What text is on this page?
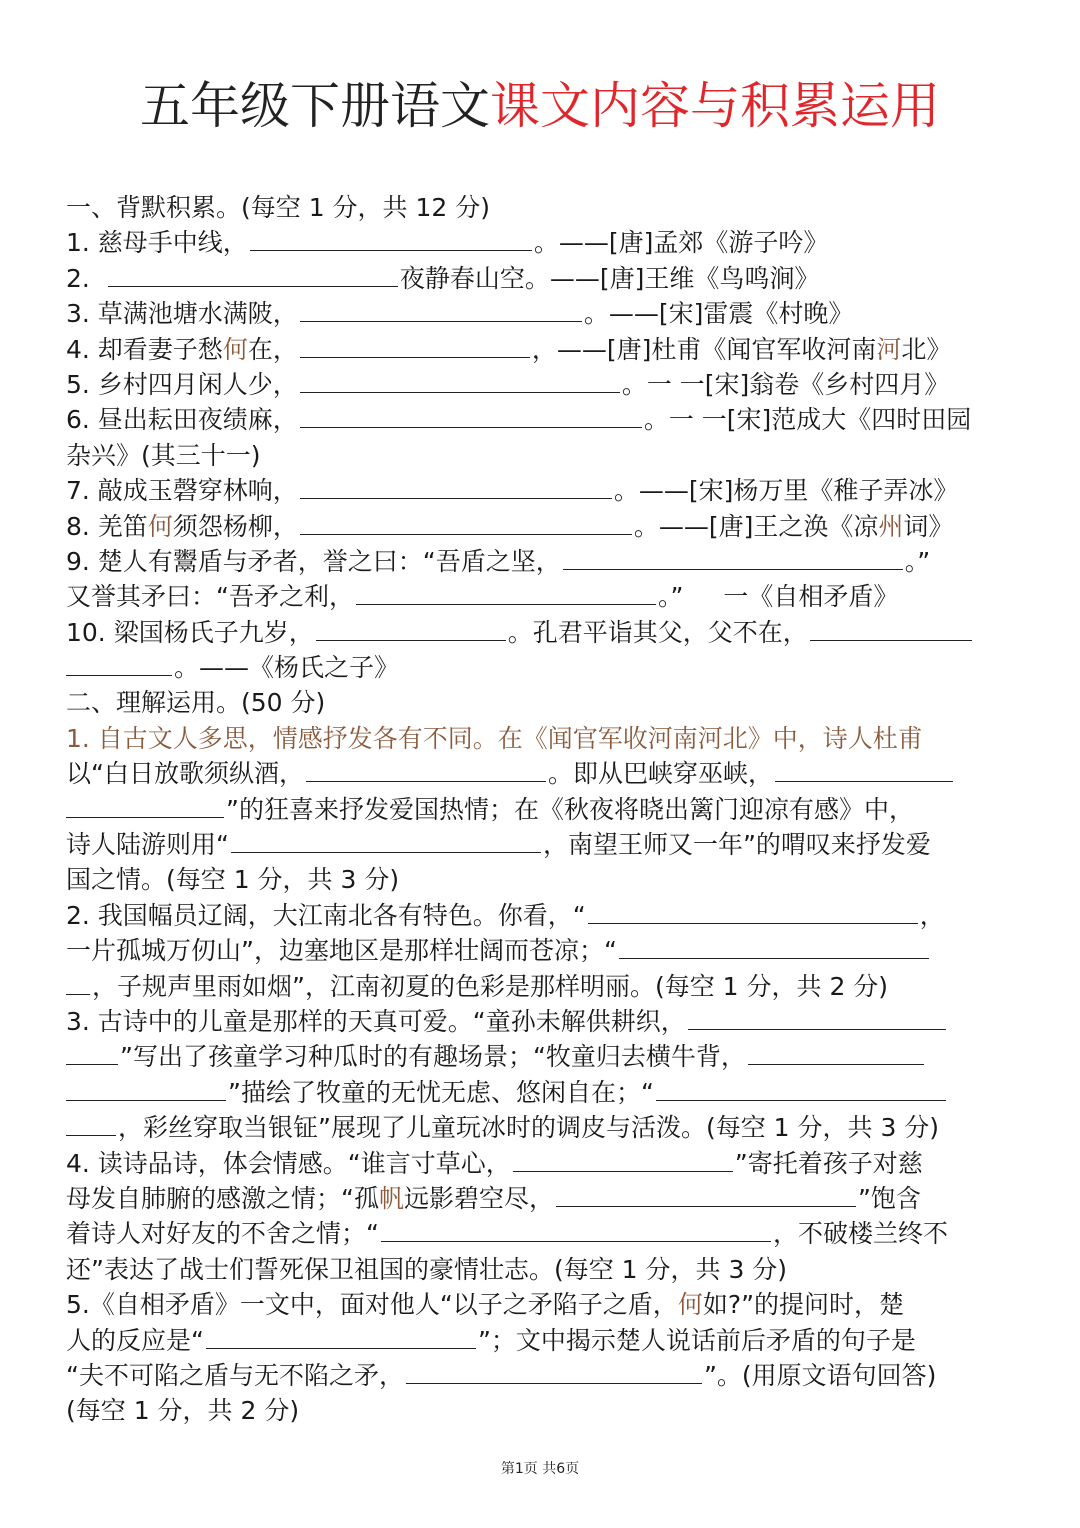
五年级下册语文课文内容与积累运用
一、背默积累。(每空 1 分，共 12 分)
1. 慈母手中线，	。——[唐]孟郊《游子吟》
2.	夜静春山空。——[唐]王维《鸟鸣涧》
3. 草满池塘水满陂，	。——[宋]雷震《村晚》
4. 却看妻子愁何在，	，——[唐]杜甫《闻官军收河南河北》
5. 乡村四月闲人少，	。一 一[宋]翁卷《乡村四月》
6. 昼出耘田夜绩麻，	。一 一[宋]范成大《四时田园
杂兴》(其三十一)
7. 敲成玉磬穿林响，	。——[宋]杨万里《稚子弄冰》
8. 羌笛何须怨杨柳，	。——[唐]王之涣《凉州词》
9. 楚人有鬻盾与矛者，誉之曰：“吾盾之坚，	。”
又誉其矛曰：“吾矛之利，	。” 一《自相矛盾》
10. 梁国杨氏子九岁，	。孔君平诣其父，父不在，
。——《杨氏之子》
二、理解运用。(50 分)
1. 自古文人多思，情感抒发各有不同。在《闻官军收河南河北》中，诗人杜甫
以“白日放歌须纵酒，	。即从巴峡穿巫峡，
”的狂喜来抒发爱国热情；在《秋夜将晓出篱门迎凉有感》中，
诗人陆游则用“	，南望王师又一年”的喟叹来抒发爱
国之情。(每空 1 分，共 3 分)
2. 我国幅员辽阔，大江南北各有特色。你看，“	，
一片孤城万仞山”，边塞地区是那样壮阔而苍凉；“
，子规声里雨如烟”，江南初夏的色彩是那样明丽。(每空 1 分，共 2 分)
3. 古诗中的儿童是那样的天真可爱。“童孙未解供耕织，
”写出了孩童学习种瓜时的有趣场景；“牧童归去横牛背，
”描绘了牧童的无忧无虑、悠闲自在；“
，彩丝穿取当银钲”展现了儿童玩冰时的调皮与活泼。(每空 1 分，共 3 分)
4. 读诗品诗，体会情感。“谁言寸草心，	”寄托着孩子对慈
母发自肺腑的感激之情；“孤帆远影碧空尽，	”饱含
着诗人对好友的不舍之情；“	，不破楼兰终不
还”表达了战士们誓死保卫祖国的豪情壮志。(每空 1 分，共 3 分)
5.《自相矛盾》一文中，面对他人“以子之矛陷子之盾，何如?”的提问时，楚
人的反应是“	”；文中揭示楚人说话前后矛盾的句子是
“夫不可陷之盾与无不陷之矛，	”。(用原文语句回答)
(每空 1 分，共 2 分)
第1页 共6页
